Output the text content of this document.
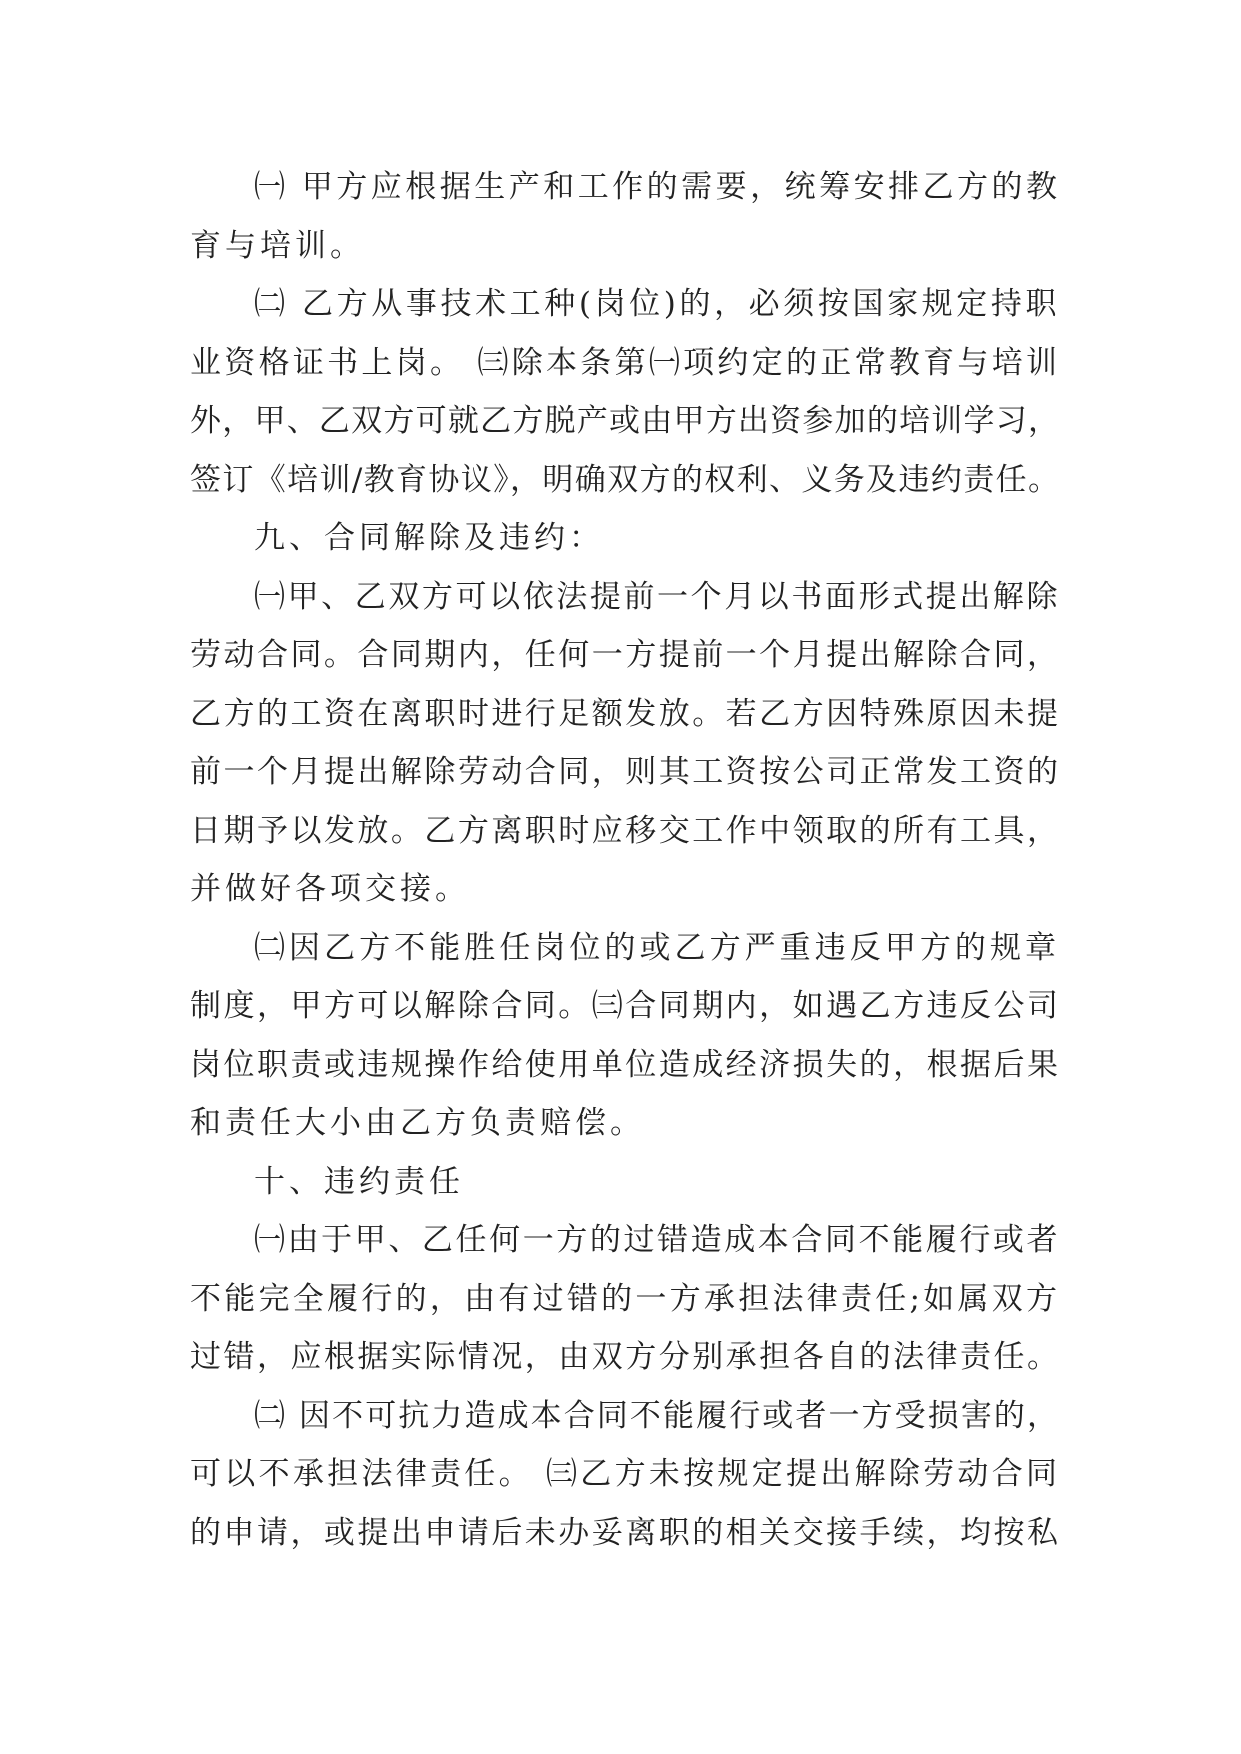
㈠ 甲方应根据生产和工作的需要，统筹安排乙方的教
育与培训。
㈡ 乙方从事技术工种(岗位)的，必须按国家规定持职
业资格证书上岗。 ㈢除本条第㈠项约定的正常教育与培训
外，甲、乙双方可就乙方脱产或由甲方出资参加的培训学习，
签订《培训/教育协议》，明确双方的权利、义务及违约责任。
九、合同解除及违约：
㈠甲、乙双方可以依法提前一个月以书面形式提出解除
劳动合同。合同期内，任何一方提前一个月提出解除合同，
乙方的工资在离职时进行足额发放。若乙方因特殊原因未提
前一个月提出解除劳动合同，则其工资按公司正常发工资的
日期予以发放。乙方离职时应移交工作中领取的所有工具，
并做好各项交接。
㈡因乙方不能胜任岗位的或乙方严重违反甲方的规章
制度，甲方可以解除合同。㈢合同期内，如遇乙方违反公司
岗位职责或违规操作给使用单位造成经济损失的，根据后果
和责任大小由乙方负责赔偿。
十、违约责任
㈠由于甲、乙任何一方的过错造成本合同不能履行或者
不能完全履行的，由有过错的一方承担法律责任;如属双方
过错，应根据实际情况，由双方分别承担各自的法律责任。
㈡ 因不可抗力造成本合同不能履行或者一方受损害的，
可以不承担法律责任。 ㈢乙方未按规定提出解除劳动合同
的申请，或提出申请后未办妥离职的相关交接手续，均按私
